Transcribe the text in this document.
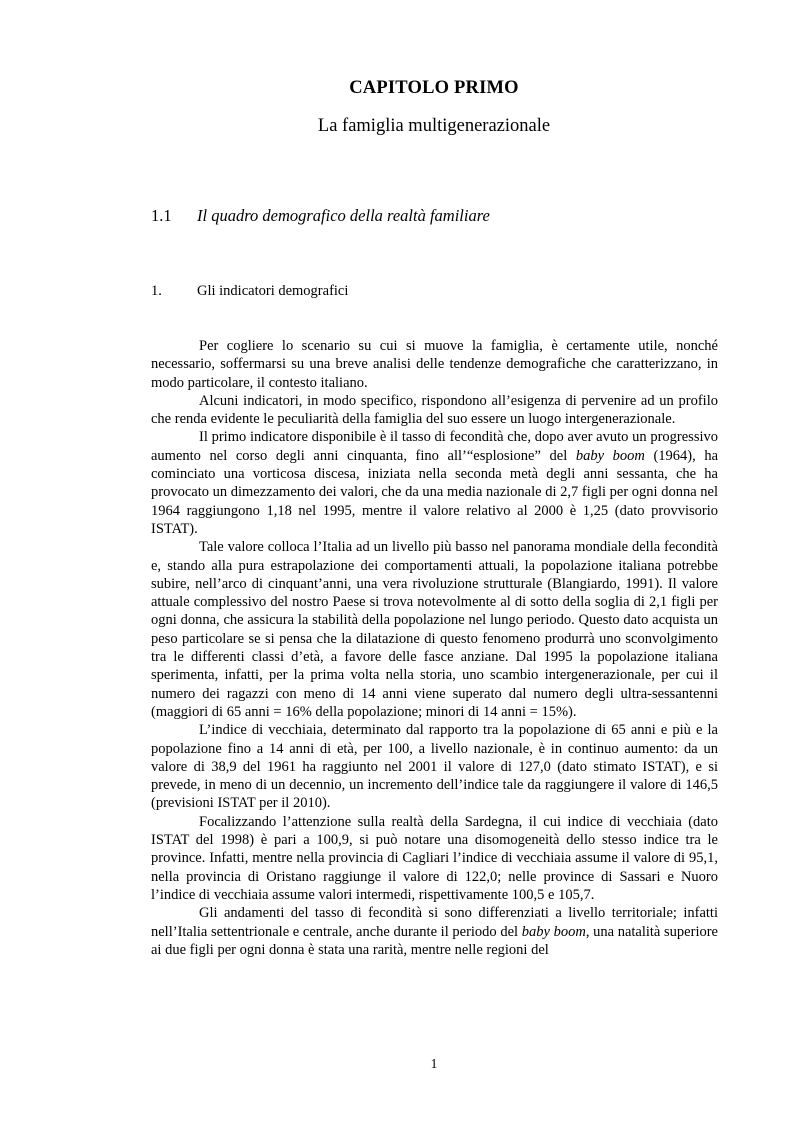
CAPITOLO PRIMO
La famiglia multigenerazionale
1.1 Il quadro demografico della realtà familiare
1. Gli indicatori demografici

Per cogliere lo scenario su cui si muove la famiglia, è certamente utile, nonché necessario, soffermarsi su una breve analisi delle tendenze demografiche che caratterizzano, in modo particolare, il contesto italiano.

Alcuni indicatori, in modo specifico, rispondono all’esigenza di pervenire ad un profilo che renda evidente le peculiarità della famiglia del suo essere un luogo intergenerazionale.

Il primo indicatore disponibile è il tasso di fecondità che, dopo aver avuto un progressivo aumento nel corso degli anni cinquanta, fino all’“esplosione” del baby boom (1964), ha cominciato una vorticosa discesa, iniziata nella seconda metà degli anni sessanta, che ha provocato un dimezzamento dei valori, che da una media nazionale di 2,7 figli per ogni donna nel 1964 raggiungono 1,18 nel 1995, mentre il valore relativo al 2000 è 1,25 (dato provvisorio ISTAT).

Tale valore colloca l’Italia ad un livello più basso nel panorama mondiale della fecondità e, stando alla pura estrapolazione dei comportamenti attuali, la popolazione italiana potrebbe subire, nell’arco di cinquant’anni, una vera rivoluzione strutturale (Blangiardo, 1991). Il valore attuale complessivo del nostro Paese si trova notevolmente al di sotto della soglia di 2,1 figli per ogni donna, che assicura la stabilità della popolazione nel lungo periodo. Questo dato acquista un peso particolare se si pensa che la dilatazione di questo fenomeno produrrà uno sconvolgimento tra le differenti classi d’età, a favore delle fasce anziane. Dal 1995 la popolazione italiana sperimenta, infatti, per la prima volta nella storia, uno scambio intergenerazionale, per cui il numero dei ragazzi con meno di 14 anni viene superato dal numero degli ultra-sessantenni (maggiori di 65 anni = 16% della popolazione; minori di 14 anni = 15%).

L’indice di vecchiaia, determinato dal rapporto tra la popolazione di 65 anni e più e la popolazione fino a 14 anni di età, per 100, a livello nazionale, è in continuo aumento: da un valore di 38,9 del 1961 ha raggiunto nel 2001 il valore di 127,0 (dato stimato ISTAT), e si prevede, in meno di un decennio, un incremento dell’indice tale da raggiungere il valore di 146,5 (previsioni ISTAT per il 2010).

Focalizzando l’attenzione sulla realtà della Sardegna, il cui indice di vecchiaia (dato ISTAT del 1998) è pari a 100,9, si può notare una disomogeneità dello stesso indice tra le province. Infatti, mentre nella provincia di Cagliari l’indice di vecchiaia assume il valore di 95,1, nella provincia di Oristano raggiunge il valore di 122,0; nelle province di Sassari e Nuoro l’indice di vecchiaia assume valori intermedi, rispettivamente 100,5 e 105,7.

Gli andamenti del tasso di fecondità si sono differenziati a livello territoriale; infatti nell’Italia settentrionale e centrale, anche durante il periodo del baby boom, una natalità superiore ai due figli per ogni donna è stata una rarità, mentre nelle regioni del

1
